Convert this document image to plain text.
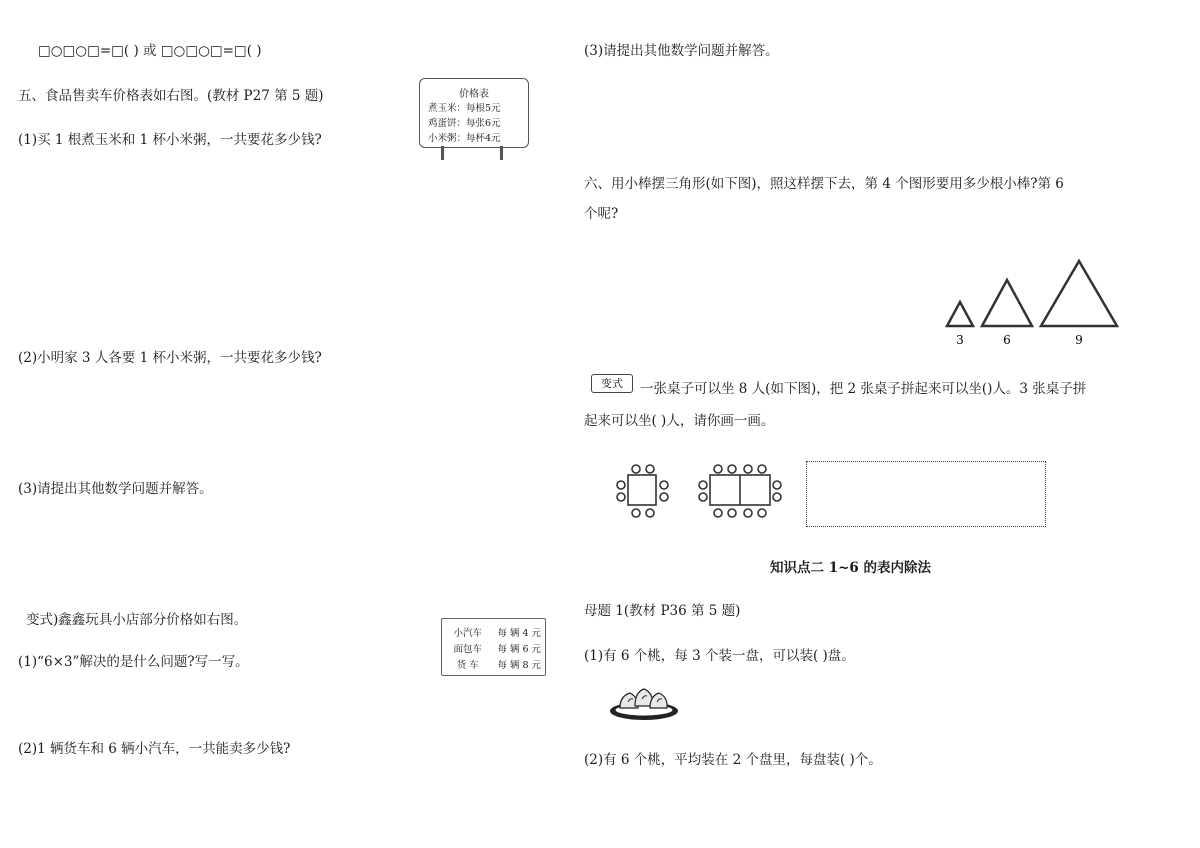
□○□○□=□( ) 或 □○□○□=□( )
五、食品售卖车价格表如右图。(教材 P27 第 5 题)	价格表
煮玉米：每根5元
鸡蛋饼：每张6元
小米粥：每杯4元
(1)买 1 根煮玉米和 1 杯小米粥，一共要花多少钱?
(2)小明家 3 人各要 1 杯小米粥，一共要花多少钱?
(3)请提出其他数学问题并解答。
变式)鑫鑫玩具小店部分价格如右图。
小汽车	每 辆 4 元
面包车	每 辆 6 元
货 车	每 辆 8 元
(1)“6×3”解决的是什么问题?写一写。
(2)1 辆货车和 6 辆小汽车，一共能卖多少钱?
(3)请提出其他数学问题并解答。
六、用小棒摆三角形(如下图)，照这样摆下去，第 4 个图形要用多少根小棒?第 6
个呢?
3	6	9
变式	一张桌子可以坐 8 人(如下图)，把 2 张桌子拼起来可以坐()人。3 张桌子拼
起来可以坐( )人，请你画一画。
知识点二 1~6 的表内除法
母题 1(教材 P36 第 5 题)
(1)有 6 个桃，每 3 个装一盘，可以装( )盘。
(2)有 6 个桃，平均装在 2 个盘里，每盘装( )个。
